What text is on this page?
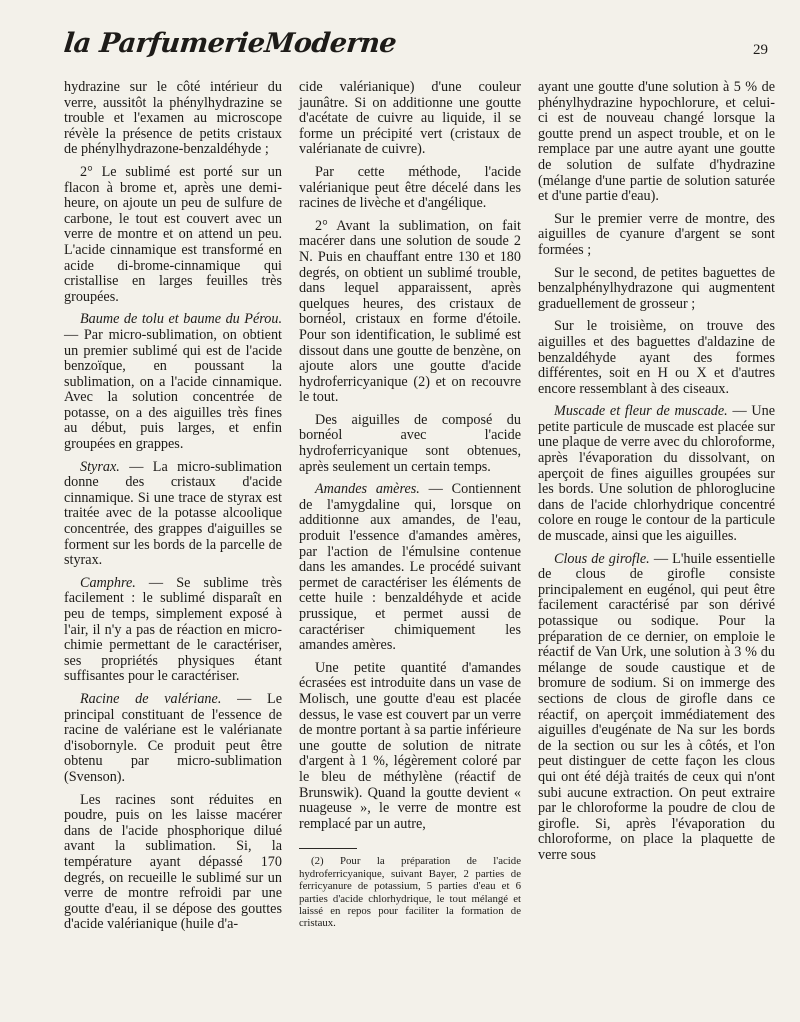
la ParfumerieModerne	29

hydrazine sur le côté intérieur du verre, aussitôt la phénylhydrazine se trouble et l'examen au microscope révèle la présence de petits cristaux de phénylhydrazone-benzaldéhyde ;

2° Le sublimé est porté sur un flacon à brome et, après une demi-heure, on ajoute un peu de sulfure de carbone, le tout est couvert avec un verre de montre et on attend un peu. L'acide cinnamique est transformé en acide di-brome-cinnamique qui cristallise en larges feuilles très groupées.

Baume de tolu et baume du Pérou. — Par micro-sublimation, on obtient un premier sublimé qui est de l'acide benzoïque, en poussant la sublimation, on a l'acide cinnamique. Avec la solution concentrée de potasse, on a des aiguilles très fines au début, puis larges, et enfin groupées en grappes.

Styrax. — La micro-sublimation donne des cristaux d'acide cinnamique. Si une trace de styrax est traitée avec de la potasse alcoolique concentrée, des grappes d'aiguilles se forment sur les bords de la parcelle de styrax.

Camphre. — Se sublime très facilement : le sublimé disparaît en peu de temps, simplement exposé à l'air, il n'y a pas de réaction en micro-chimie permettant de le caractériser, ses propriétés physiques étant suffisantes pour le caractériser.

Racine de valériane. — Le principal constituant de l'essence de racine de valériane est le valérianate d'isobornyle. Ce produit peut être obtenu par micro-sublimation (Svenson).

Les racines sont réduites en poudre, puis on les laisse macérer dans de l'acide phosphorique dilué avant la sublimation. Si, la température ayant dépassé 170 degrés, on recueille le sublimé sur un verre de montre refroidi par une goutte d'eau, il se dépose des gouttes d'acide valérianique (huile d'a-

cide valérianique) d'une couleur jaunâtre. Si on additionne une goutte d'acétate de cuivre au liquide, il se forme un précipité vert (cristaux de valérianate de cuivre).

Par cette méthode, l'acide valérianique peut être décelé dans les racines de livèche et d'angélique.

2° Avant la sublimation, on fait macérer dans une solution de soude 2 N. Puis en chauffant entre 130 et 180 degrés, on obtient un sublimé trouble, dans lequel apparaissent, après quelques heures, des cristaux de bornéol, cristaux en forme d'étoile. Pour son identification, le sublimé est dissout dans une goutte de benzène, on ajoute alors une goutte d'acide hydroferricyanique (2) et on recouvre le tout.

Des aiguilles de composé du bornéol avec l'acide hydroferricyanique sont obtenues, après seulement un certain temps.

Amandes amères. — Contiennent de l'amygdaline qui, lorsque on additionne aux amandes, de l'eau, produit l'essence d'amandes amères, par l'action de l'émulsine contenue dans les amandes. Le procédé suivant permet de caractériser les éléments de cette huile : benzaldéhyde et acide prussique, et permet aussi de caractériser chimiquement les amandes amères.

Une petite quantité d'amandes écrasées est introduite dans un vase de Molisch, une goutte d'eau est placée dessus, le vase est couvert par un verre de montre portant à sa partie inférieure une goutte de solution de nitrate d'argent à 1 %, légèrement coloré par le bleu de méthylène (réactif de Brunswik). Quand la goutte devient « nuageuse », le verre de montre est remplacé par un autre,

(2) Pour la préparation de l'acide hydroferricyanique, suivant Bayer, 2 parties de ferricyanure de potassium, 5 parties d'eau et 6 parties d'acide chlorhydrique, le tout mélangé et laissé en repos pour faciliter la formation de cristaux.

ayant une goutte d'une solution à 5 % de phénylhydrazine hypochlorure, et celui-ci est de nouveau changé lorsque la goutte prend un aspect trouble, et on le remplace par une autre ayant une goutte de solution de sulfate d'hydrazine (mélange d'une partie de solution saturée et d'une partie d'eau).

Sur le premier verre de montre, des aiguilles de cyanure d'argent se sont formées ;

Sur le second, de petites baguettes de benzalphénylhydrazone qui augmentent graduellement de grosseur ;

Sur le troisième, on trouve des aiguilles et des baguettes d'aldazine de benzaldéhyde ayant des formes différentes, soit en H ou X et d'autres encore ressemblant à des ciseaux.

Muscade et fleur de muscade. — Une petite particule de muscade est placée sur une plaque de verre avec du chloroforme, après l'évaporation du dissolvant, on aperçoit de fines aiguilles groupées sur les bords. Une solution de phloroglucine dans de l'acide chlorhydrique concentré colore en rouge le contour de la particule de muscade, ainsi que les aiguilles.

Clous de girofle. — L'huile essentielle de clous de girofle consiste principalement en eugénol, qui peut être facilement caractérisé par son dérivé potassique ou sodique. Pour la préparation de ce dernier, on emploie le réactif de Van Urk, une solution à 3 % du mélange de soude caustique et de bromure de sodium. Si on immerge des sections de clous de girofle dans ce réactif, on aperçoit immédiatement des aiguilles d'eugénate de Na sur les bords de la section ou sur les à côtés, et l'on peut distinguer de cette façon les clous qui ont été déjà traités de ceux qui n'ont subi aucune extraction. On peut extraire par le chloroforme la poudre de clou de girofle. Si, après l'évaporation du chloroforme, on place la plaquette de verre sous
